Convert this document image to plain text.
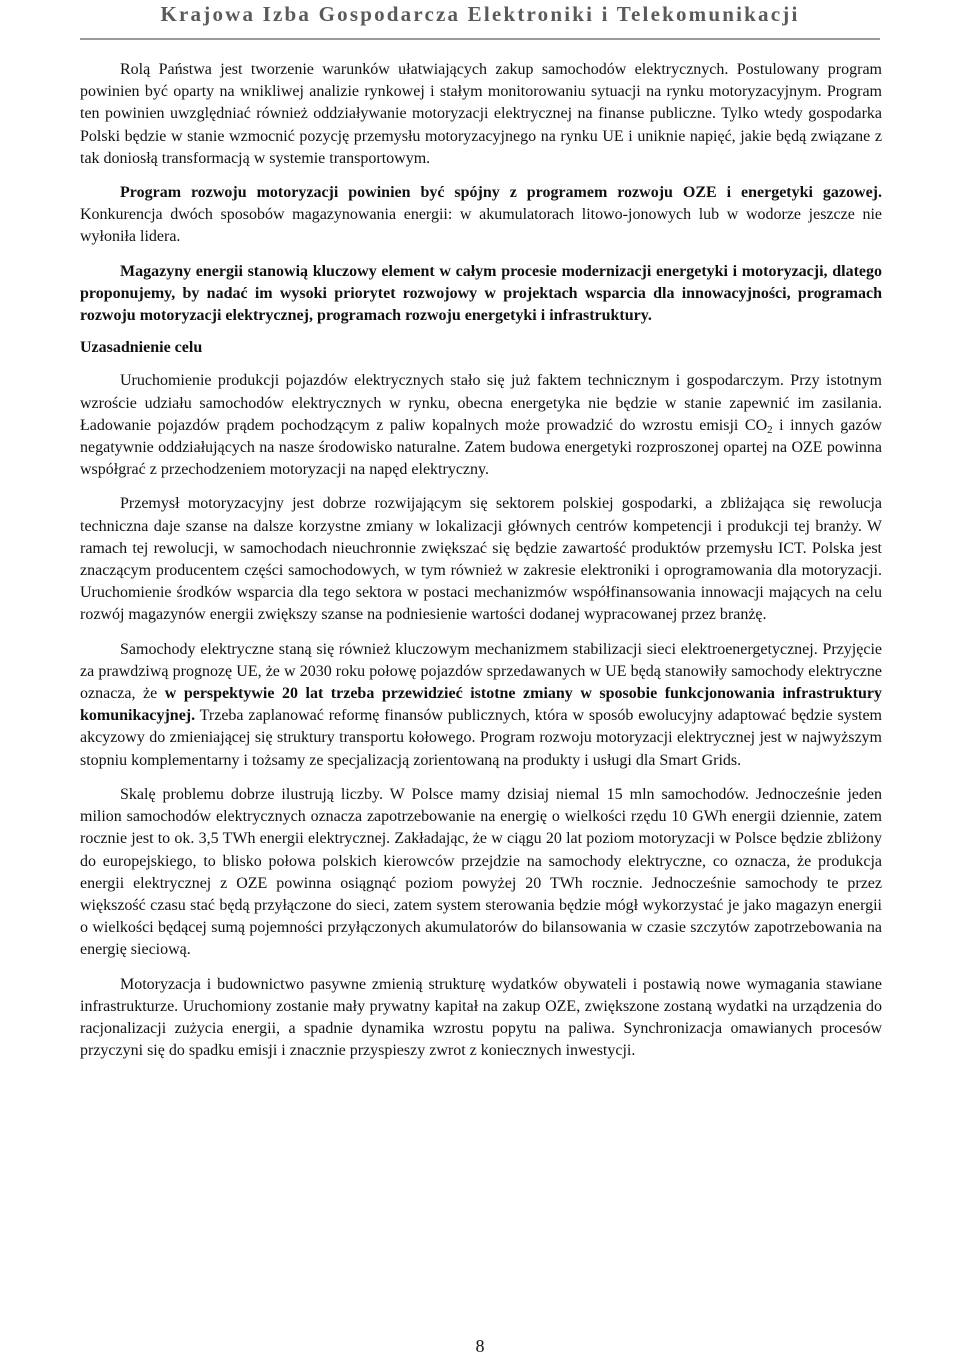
Krajowa Izba Gospodarcza Elektroniki i Telekomunikacji

Rolą Państwa jest tworzenie warunków ułatwiających zakup samochodów elektrycznych. Postulowany program powinien być oparty na wnikliwej analizie rynkowej i stałym monitorowaniu sytuacji na rynku motoryzacyjnym. Program ten powinien uwzględniać również oddziaływanie motoryzacji elektrycznej na finanse publiczne. Tylko wtedy gospodarka Polski będzie w stanie wzmocnić pozycję przemysłu motoryzacyjnego na rynku UE i uniknie napięć, jakie będą związane z tak doniosłą transformacją w systemie transportowym.

Program rozwoju motoryzacji powinien być spójny z programem rozwoju OZE i energetyki gazowej. Konkurencja dwóch sposobów magazynowania energii: w akumulatorach litowo-jonowych lub w wodorze jeszcze nie wyłoniła lidera.

Magazyny energii stanowią kluczowy element w całym procesie modernizacji energetyki i motoryzacji, dlatego proponujemy, by nadać im wysoki priorytet rozwojowy w projektach wsparcia dla innowacyjności, programach rozwoju motoryzacji elektrycznej, programach rozwoju energetyki i infrastruktury.

Uzasadnienie celu

Uruchomienie produkcji pojazdów elektrycznych stało się już faktem technicznym i gospodarczym. Przy istotnym wzroście udziału samochodów elektrycznych w rynku, obecna energetyka nie będzie w stanie zapewnić im zasilania. Ładowanie pojazdów prądem pochodzącym z paliw kopalnych może prowadzić do wzrostu emisji $CO_2$ i innych gazów negatywnie oddziałujących na nasze środowisko naturalne. Zatem budowa energetyki rozproszonej opartej na OZE powinna współgrać z przechodzeniem motoryzacji na napęd elektryczny.

Przemysł motoryzacyjny jest dobrze rozwijającym się sektorem polskiej gospodarki, a zbliżająca się rewolucja techniczna daje szanse na dalsze korzystne zmiany w lokalizacji głównych centrów kompetencji i produkcji tej branży. W ramach tej rewolucji, w samochodach nieuchronnie zwiększać się będzie zawartość produktów przemysłu ICT. Polska jest znaczącym producentem części samochodowych, w tym również w zakresie elektroniki i oprogramowania dla motoryzacji. Uruchomienie środków wsparcia dla tego sektora w postaci mechanizmów współfinansowania innowacji mających na celu rozwój magazynów energii zwiększy szanse na podniesienie wartości dodanej wypracowanej przez branżę.

Samochody elektryczne staną się również kluczowym mechanizmem stabilizacji sieci elektroenergetycznej. Przyjęcie za prawdziwą prognozę UE, że w 2030 roku połowę pojazdów sprzedawanych w UE będą stanowiły samochody elektryczne oznacza, że w perspektywie 20 lat trzeba przewidzieć istotne zmiany w sposobie funkcjonowania infrastruktury komunikacyjnej. Trzeba zaplanować reformę finansów publicznych, która w sposób ewolucyjny adaptować będzie system akcyzowy do zmieniającej się struktury transportu kołowego. Program rozwoju motoryzacji elektrycznej jest w najwyższym stopniu komplementarny i tożsamy ze specjalizacją zorientowaną na produkty i usługi dla Smart Grids.

Skalę problemu dobrze ilustrują liczby. W Polsce mamy dzisiaj niemal 15 mln samochodów. Jednocześnie jeden milion samochodów elektrycznych oznacza zapotrzebowanie na energię o wielkości rzędu 10 GWh energii dziennie, zatem rocznie jest to ok. 3,5 TWh energii elektrycznej. Zakładając, że w ciągu 20 lat poziom motoryzacji w Polsce będzie zbliżony do europejskiego, to blisko połowa polskich kierowców przejdzie na samochody elektryczne, co oznacza, że produkcja energii elektrycznej z OZE powinna osiągnąć poziom powyżej 20 TWh rocznie. Jednocześnie samochody te przez większość czasu stać będą przyłączone do sieci, zatem system sterowania będzie mógł wykorzystać je jako magazyn energii o wielkości będącej sumą pojemności przyłączonych akumulatorów do bilansowania w czasie szczytów zapotrzebowania na energię sieciową.

Motoryzacja i budownictwo pasywne zmienią strukturę wydatków obywateli i postawią nowe wymagania stawiane infrastrukturze. Uruchomiony zostanie mały prywatny kapitał na zakup OZE, zwiększone zostaną wydatki na urządzenia do racjonalizacji zużycia energii, a spadnie dynamika wzrostu popytu na paliwa. Synchronizacja omawianych procesów przyczyni się do spadku emisji i znacznie przyspieszy zwrot z koniecznych inwestycji.

8
